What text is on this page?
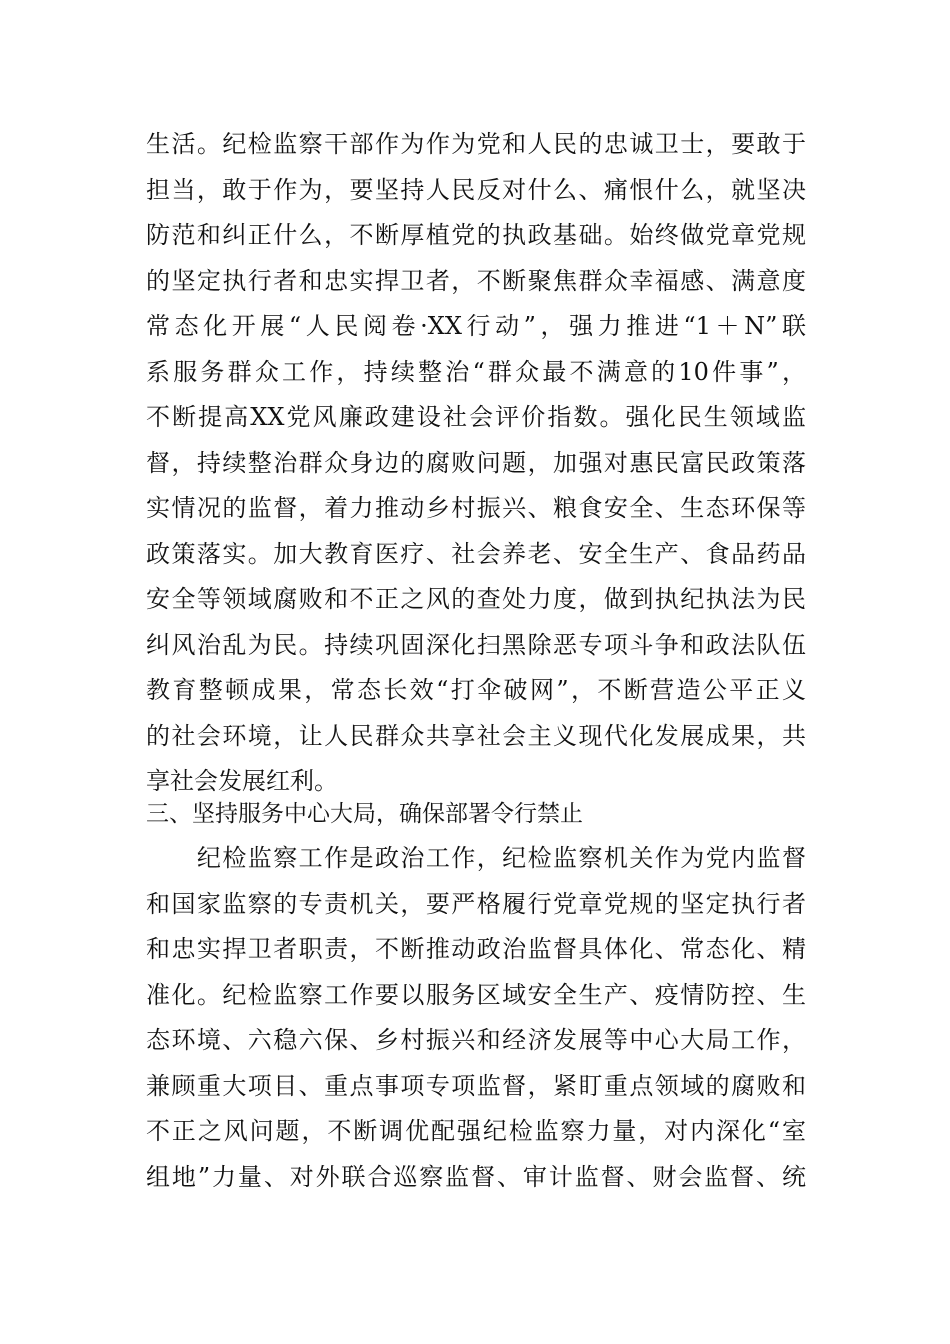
生活。纪检监察干部作为作为党和人民的忠诚卫士，要敢于
担当，敢于作为，要坚持人民反对什么、痛恨什么，就坚决
防范和纠正什么，不断厚植党的执政基础。始终做党章党规
的坚定执行者和忠实捍卫者，不断聚焦群众幸福感、满意度
常态化开展“人民阅卷·XX行动”，强力推进“1＋N”联
系服务群众工作，持续整治“群众最不满意的10件事”，
不断提高XX党风廉政建设社会评价指数。强化民生领域监
督，持续整治群众身边的腐败问题，加强对惠民富民政策落
实情况的监督，着力推动乡村振兴、粮食安全、生态环保等
政策落实。加大教育医疗、社会养老、安全生产、食品药品
安全等领域腐败和不正之风的查处力度，做到执纪执法为民
纠风治乱为民。持续巩固深化扫黑除恶专项斗争和政法队伍
教育整顿成果，常态长效“打伞破网”，不断营造公平正义
的社会环境，让人民群众共享社会主义现代化发展成果，共
享社会发展红利。
三、坚持服务中心大局，确保部署令行禁止
　　纪检监察工作是政治工作，纪检监察机关作为党内监督
和国家监察的专责机关，要严格履行党章党规的坚定执行者
和忠实捍卫者职责，不断推动政治监督具体化、常态化、精
准化。纪检监察工作要以服务区域安全生产、疫情防控、生
态环境、六稳六保、乡村振兴和经济发展等中心大局工作，
兼顾重大项目、重点事项专项监督，紧盯重点领域的腐败和
不正之风问题，不断调优配强纪检监察力量，对内深化“室
组地”力量、对外联合巡察监督、审计监督、财会监督、统
